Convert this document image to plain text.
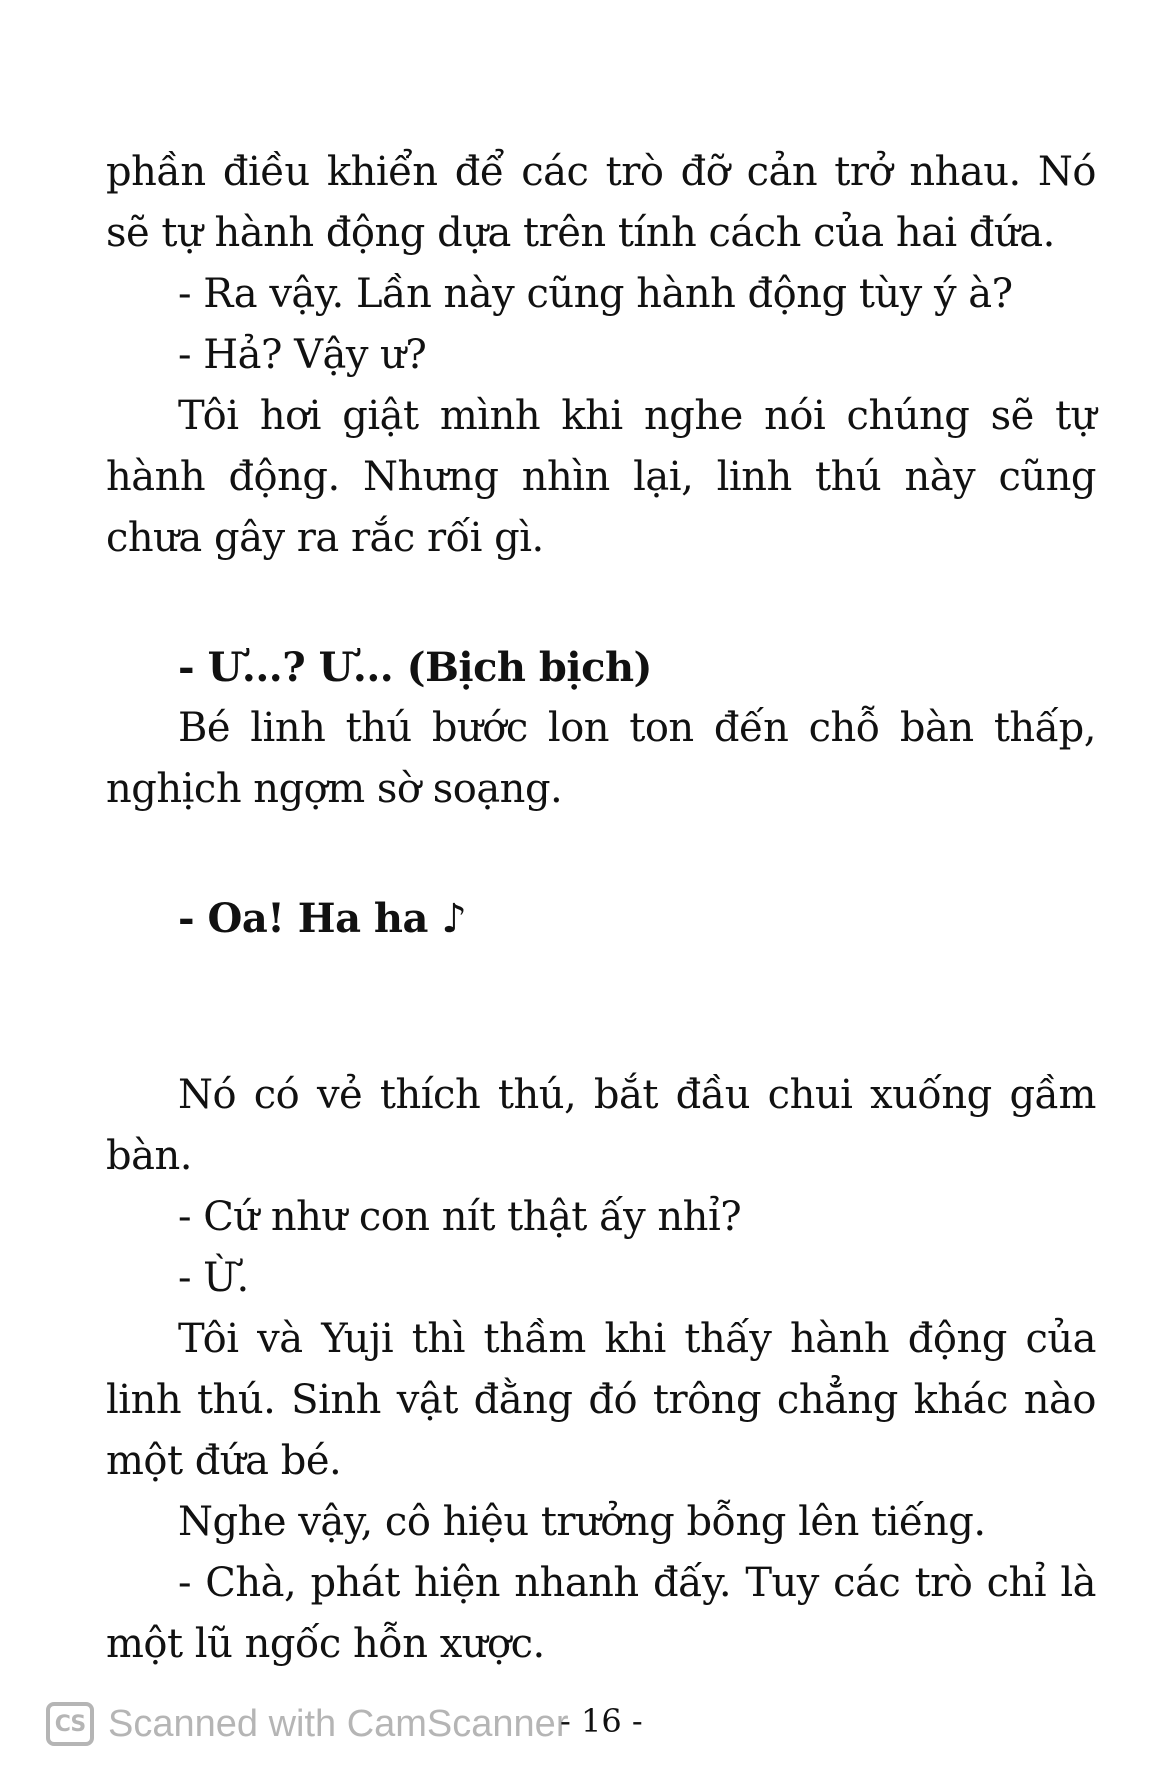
phần điều khiển để các trò đỡ cản trở nhau. Nó sẽ tự hành động dựa trên tính cách của hai đứa.

- Ra vậy. Lần này cũng hành động tùy ý à?

- Hả? Vậy ư?

Tôi hơi giật mình khi nghe nói chúng sẽ tự hành động. Nhưng nhìn lại, linh thú này cũng chưa gây ra rắc rối gì.

- Ư...? Ư... (Bịch bịch)

Bé linh thú bước lon ton đến chỗ bàn thấp, nghịch ngợm sờ soạng.

- Oa! Ha ha ♪

Nó có vẻ thích thú, bắt đầu chui xuống gầm bàn.

- Cứ như con nít thật ấy nhỉ?

- Ừ.

Tôi và Yuji thì thầm khi thấy hành động của linh thú. Sinh vật đằng đó trông chẳng khác nào một đứa bé.

Nghe vậy, cô hiệu trưởng bỗng lên tiếng.

- Chà, phát hiện nhanh đấy. Tuy các trò chỉ là một lũ ngốc hỗn xược.

CS Scanned with CamScanner
- 16 -
